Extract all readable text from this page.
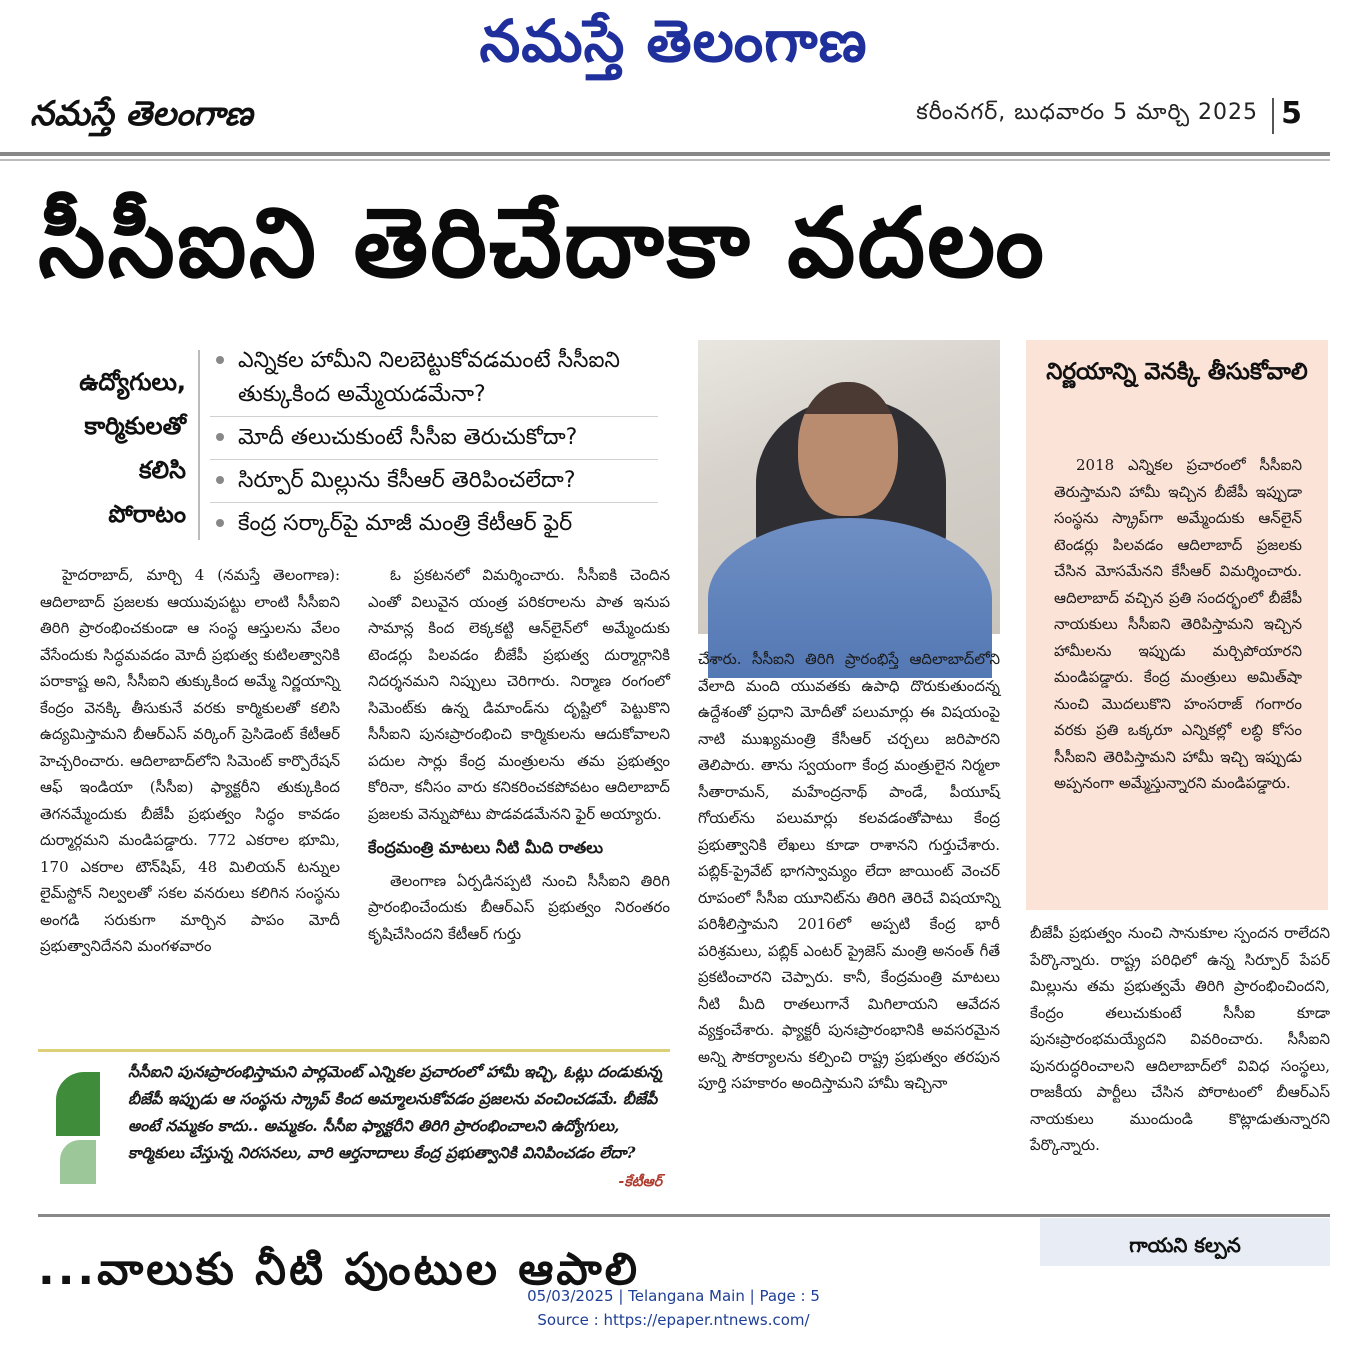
నమస్తే తెలంగాణ
నమస్తే తెలంగాణ	కరీంనగర్, బుధవారం 5 మార్చి 2025 5
సీసీఐని తెరిచేదాకా వదలం
ఉద్యోగులు,
కార్మికులతో
కలిసి
పోరాటం
ఎన్నికల హామీని నిలబెట్టుకోవడమంటే సీసీఐని తుక్కుకింద అమ్మేయడమేనా?
మోదీ తలుచుకుంటే సీసీఐ తెరుచుకోదా?
సిర్పూర్ మిల్లును కేసీఆర్ తెరిపించలేదా?
కేంద్ర సర్కార్‌పై మాజీ మంత్రి కేటీఆర్ ఫైర్

హైదరాబాద్, మార్చి 4 (నమస్తే తెలంగాణ): ఆదిలాబాద్ ప్రజలకు ఆయువుపట్టు లాంటి సీసీఐని తిరిగి ప్రారంభించకుండా ఆ సంస్థ ఆస్తులను వేలం వేసేందుకు సిద్ధమవడం మోదీ ప్రభుత్వ కుటిలత్వానికి పరాకాష్ట అని, సీసీఐని తుక్కుకింద అమ్మే నిర్ణయాన్ని కేంద్రం వెనక్కి తీసుకునే వరకు కార్మికులతో కలిసి ఉద్యమిస్తామని బీఆర్‌ఎస్ వర్కింగ్ ప్రెసిడెంట్ కేటీఆర్ హెచ్చరించారు. ఆదిలాబాద్‌లోని సిమెంట్ కార్పొరేషన్ ఆఫ్ ఇండియా (సీసీఐ) ఫ్యాక్టరీని తుక్కుకింద తెగనమ్మేందుకు బీజేపీ ప్రభుత్వం సిద్ధం కావడం దుర్మార్గమని మండిపడ్డారు. 772 ఎకరాల భూమి, 170 ఎకరాల టౌన్‌షిప్, 48 మిలియన్ టన్నుల లైమ్‌స్టోన్ నిల్వలతో సకల వనరులు కలిగిన సంస్థను అంగడి సరుకుగా మార్చిన పాపం మోదీ ప్రభుత్వానిదేనని మంగళవారం

ఓ ప్రకటనలో విమర్శించారు. సీసీఐకి చెందిన ఎంతో విలువైన యంత్ర పరికరాలను పాత ఇనుప సామాన్ల కింద లెక్కకట్టి ఆన్‌లైన్‌లో అమ్మేందుకు టెండర్లు పిలవడం బీజేపీ ప్రభుత్వ దుర్మార్గానికి నిదర్శనమని నిప్పులు చెరిగారు. నిర్మాణ రంగంలో సిమెంట్‌కు ఉన్న డిమాండ్‌ను దృష్టిలో పెట్టుకొని సీసీఐని పునఃప్రారంభించి కార్మికులను ఆదుకోవాలని పదుల సార్లు కేంద్ర మంత్రులను తమ ప్రభుత్వం కోరినా, కనీసం వారు కనికరించకపోవటం ఆదిలాబాద్ ప్రజలకు వెన్నుపోటు పొడవడమేనని ఫైర్ అయ్యారు.

కేంద్రమంత్రి మాటలు నీటి మీది రాతలు

తెలంగాణ ఏర్పడినప్పటి నుంచి సీసీఐని తిరిగి ప్రారంభించేందుకు బీఆర్‌ఎస్ ప్రభుత్వం నిరంతరం కృషిచేసిందని కేటీఆర్ గుర్తు

చేశారు. సీసీఐని తిరిగి ప్రారంభిస్తే ఆదిలాబాద్‌లోని వేలాది మంది యువతకు ఉపాధి దొరుకుతుందన్న ఉద్దేశంతో ప్రధాని మోదీతో పలుమార్లు ఈ విషయంపై నాటి ముఖ్యమంత్రి కేసీఆర్ చర్చలు జరిపారని తెలిపారు. తాను స్వయంగా కేంద్ర మంత్రులైన నిర్మలా సీతారామన్, మహేంద్రనాథ్ పాండే, పీయూష్ గోయల్‌ను పలుమార్లు కలవడంతోపాటు కేంద్ర ప్రభుత్వానికి లేఖలు కూడా రాశానని గుర్తుచేశారు. పబ్లిక్-ప్రైవేట్ భాగస్వామ్యం లేదా జాయింట్ వెంచర్ రూపంలో సీసీఐ యూనిట్‌ను తిరిగి తెరిచే విషయాన్ని పరిశీలిస్తామని 2016లో అప్పటి కేంద్ర భారీ పరిశ్రమలు, పబ్లిక్ ఎంటర్ ప్రైజెస్ మంత్రి అనంత్ గీతే ప్రకటించారని చెప్పారు. కానీ, కేంద్రమంత్రి మాటలు నీటి మీది రాతలుగానే మిగిలాయని ఆవేదన వ్యక్తంచేశారు. ఫ్యాక్టరీ పునఃప్రారంభానికి అవసరమైన అన్ని సౌకర్యాలను కల్పించి రాష్ట్ర ప్రభుత్వం తరపున పూర్తి సహకారం అందిస్తామని హామీ ఇచ్చినా

నిర్ణయాన్ని వెనక్కి తీసుకోవాలి

2018 ఎన్నికల ప్రచారంలో సీసీఐని తెరుస్తామని హామీ ఇచ్చిన బీజేపీ ఇప్పుడా సంస్థను స్క్రాప్‌గా అమ్మేందుకు ఆన్‌లైన్ టెండర్లు పిలవడం ఆదిలాబాద్ ప్రజలకు చేసిన మోసమేనని కేసీఆర్ విమర్శించారు. ఆదిలాబాద్ వచ్చిన ప్రతి సందర్భంలో బీజేపీ నాయకులు సీసీఐని తెరిపిస్తామని ఇచ్చిన హామీలను ఇప్పుడు మర్చిపోయారని మండిపడ్డారు. కేంద్ర మంత్రులు అమిత్‌షా నుంచి మొదలుకొని హంసరాజ్ గంగారం వరకు ప్రతి ఒక్కరూ ఎన్నికల్లో లబ్ధి కోసం సీసీఐని తెరిపిస్తామని హామీ ఇచ్చి ఇప్పుడు అప్పనంగా అమ్మేస్తున్నారని మండిపడ్డారు.

బీజేపీ ప్రభుత్వం నుంచి సానుకూల స్పందన రాలేదని పేర్కొన్నారు. రాష్ట్ర పరిధిలో ఉన్న సిర్పూర్ పేపర్ మిల్లును తమ ప్రభుత్వమే తిరిగి ప్రారంభించిందని, కేంద్రం తలుచుకుంటే సీసీఐ కూడా పునఃప్రారంభమయ్యేదని వివరించారు. సీసీఐని పునరుద్ధరించాలని ఆదిలాబాద్‌లో వివిధ సంస్థలు, రాజకీయ పార్టీలు చేసిన పోరాటంలో బీఆర్‌ఎస్ నాయకులు ముందుండి కొట్లాడుతున్నారని పేర్కొన్నారు.

సీసీఐని పునఃప్రారంభిస్తామని పార్లమెంట్ ఎన్నికల ప్రచారంలో హామీ ఇచ్చి, ఓట్లు దండుకున్న బీజేపీ ఇప్పుడు ఆ సంస్థను స్క్రాప్ కింద అమ్మాలనుకోవడం ప్రజలను వంచించడమే. బీజేపీ అంటే నమ్మకం కాదు.. అమ్మకం. సీసీఐ ఫ్యాక్టరీని తిరిగి ప్రారంభించాలని ఉద్యోగులు, కార్మికులు చేస్తున్న నిరసనలు, వారి ఆర్తనాదాలు కేంద్ర ప్రభుత్వానికి వినిపించడం లేదా?
-కేటీఆర్
...వాలుకు నీటి పుంటుల ఆపాలి	గాయని కల్పన
05/03/2025 | Telangana Main | Page : 5
Source : https://epaper.ntnews.com/
